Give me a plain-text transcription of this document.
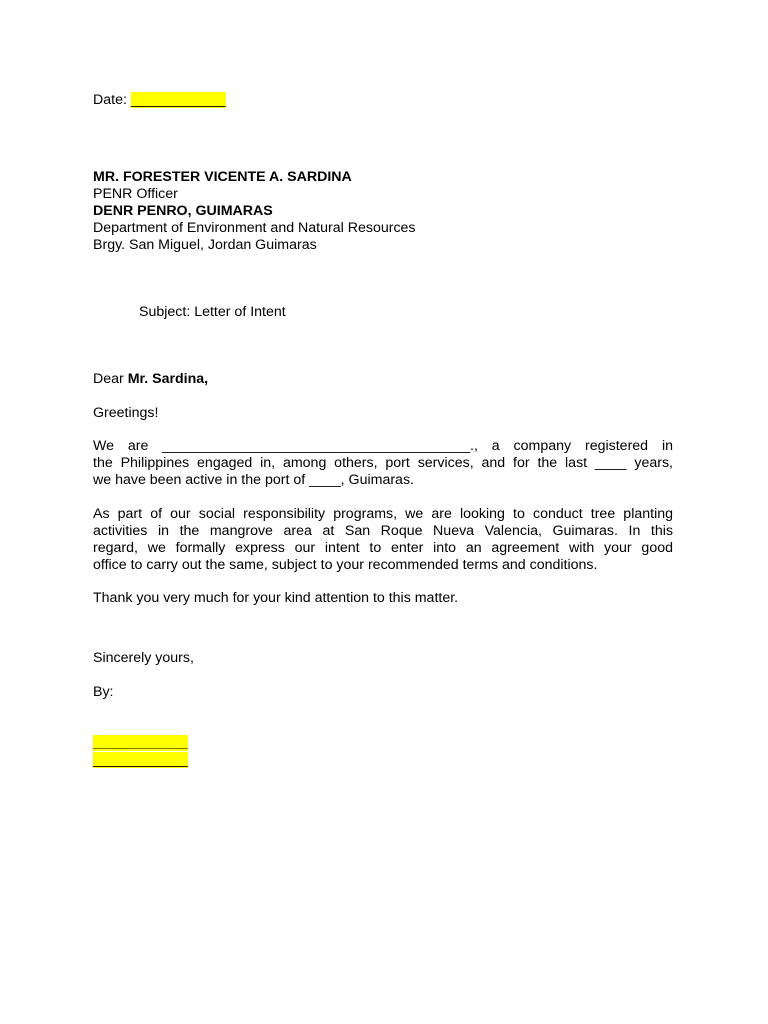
Date: ____________
MR. FORESTER VICENTE A. SARDINA
PENR Officer
DENR PENRO, GUIMARAS
Department of Environment and Natural Resources
Brgy. San Miguel, Jordan Guimaras
Subject: Letter of Intent
Dear Mr. Sardina,
Greetings!
We are _______________________________________., a company registered in
the Philippines engaged in, among others, port services, and for the last ____ years,
we have been active in the port of ____, Guimaras.
As part of our social responsibility programs, we are looking to conduct tree planting
activities in the mangrove area at San Roque Nueva Valencia, Guimaras. In this
regard, we formally express our intent to enter into an agreement with your good
office to carry out the same, subject to your recommended terms and conditions.
Thank you very much for your kind attention to this matter.
Sincerely yours,
By:
____________
____________
